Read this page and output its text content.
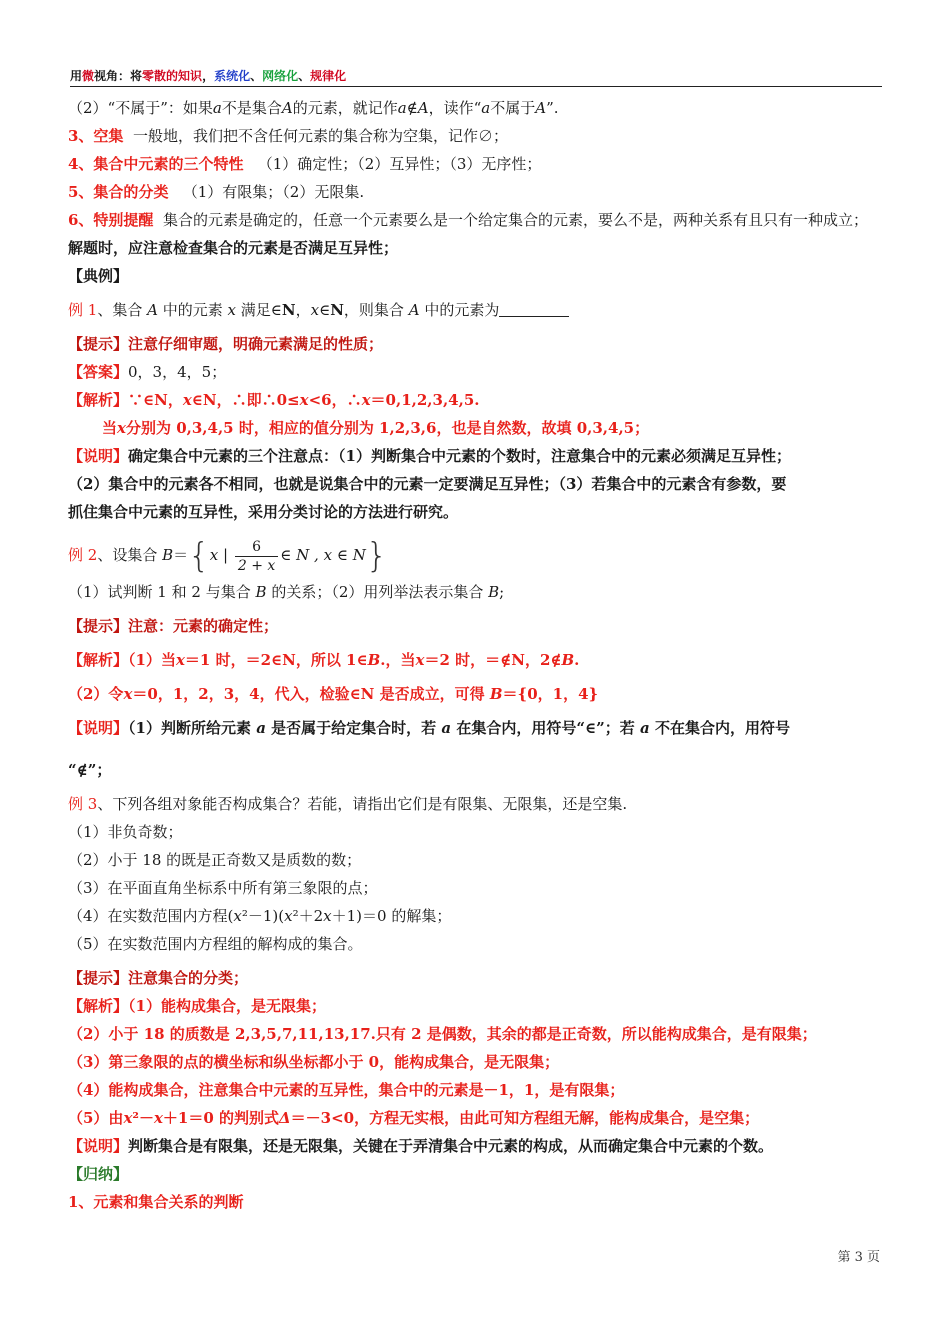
用微视角：将零散的知识，系统化、网络化、规律化
（2）“不属于”：如果a不是集合A的元素，就记作a∉A，读作“a不属于A”.
3、空集 一般地，我们把不含任何元素的集合称为空集，记作∅；
4、集合中元素的三个特性 （1）确定性；（2）互异性；（3）无序性；
5、集合的分类 （1）有限集；（2）无限集.
6、特别提醒 集合的元素是确定的，任意一个元素要么是一个给定集合的元素，要么不是，两种关系有且只有一种成立；解题时，应注意检查集合的元素是否满足互异性；
【典例】
例 1、集合 A 中的元素 x 满足∈N，x∈N，则集合 A 中的元素为
【提示】注意仔细审题，明确元素满足的性质；
【答案】0，3，4，5；
【解析】∵∈N，x∈N，∴即∴0≤x<6，∴x＝0,1,2,3,4,5.
当x分别为 0,3,4,5 时，相应的值分别为 1,2,3,6，也是自然数，故填 0,3,4,5；
【说明】确定集合中元素的三个注意点：（1）判断集合中元素的个数时，注意集合中的元素必须满足互异性；
（2）集合中的元素各不相同，也就是说集合中的元素一定要满足互异性；（3）若集合中的元素含有参数，要
抓住集合中元素的互异性，采用分类讨论的方法进行研究。
例 2、设集合 B＝{x | $\frac{6}{2 + x}$ ∈ N , x ∈ N}
（1）试判断 1 和 2 与集合 B 的关系；（2）用列举法表示集合 B;
【提示】注意：元素的确定性；
【解析】（1）当x＝1 时，＝2∈N，所以 1∈B.，当x＝2 时，＝∉N，2∉B.
（2）令x＝0，1，2，3，4，代入，检验∈N 是否成立，可得 B＝{0，1，4}
【说明】（1）判断所给元素 a 是否属于给定集合时，若 a 在集合内，用符号“∈”；若 a 不在集合内，用符号
“∉”；
例 3、下列各组对象能否构成集合？若能，请指出它们是有限集、无限集，还是空集.
（1）非负奇数；
（2）小于 18 的既是正奇数又是质数的数；
（3）在平面直角坐标系中所有第三象限的点；
（4）在实数范围内方程(x²－1)(x²＋2x＋1)＝0 的解集；
（5）在实数范围内方程组的解构成的集合。
【提示】注意集合的分类；
【解析】（1）能构成集合，是无限集；
（2）小于 18 的质数是 2,3,5,7,11,13,17.只有 2 是偶数，其余的都是正奇数，所以能构成集合，是有限集；
（3）第三象限的点的横坐标和纵坐标都小于 0，能构成集合，是无限集；
（4）能构成集合，注意集合中元素的互异性，集合中的元素是－1，1，是有限集；
（5）由x²－x＋1＝0 的判别式Δ＝－3<0，方程无实根，由此可知方程组无解，能构成集合，是空集；
【说明】判断集合是有限集，还是无限集，关键在于弄清集合中元素的构成，从而确定集合中元素的个数。
【归纳】
1、元素和集合关系的判断
第 3 页
